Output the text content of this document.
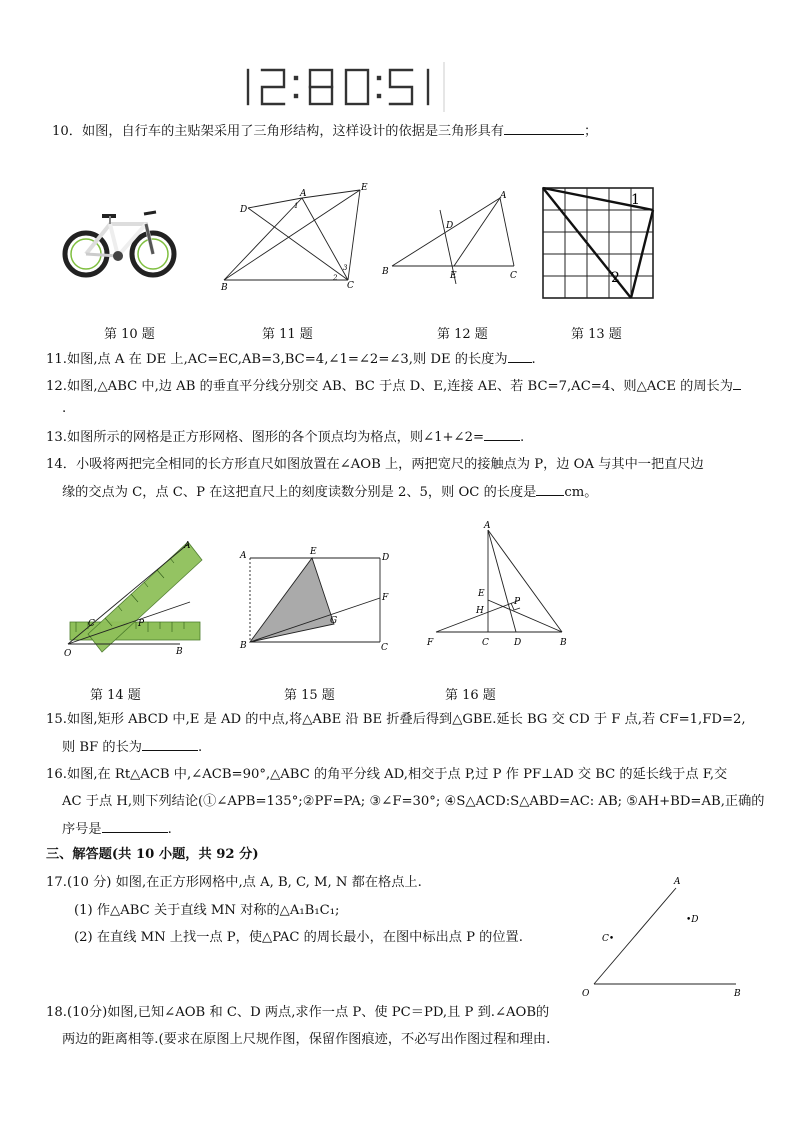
10．如图，自行车的主贴架采用了三角形结构，这样设计的依据是三角形具有	；
A
B	C
D
E
1
2
3
A
B	C
D
E
1
2
第 10 题	第 11 题	第 12 题	第 13 题
11.如图,点 A 在 DE 上,AC=EC,AB=3,BC=4,∠1=∠2=∠3,则 DE 的长度为 .
12.如图,△ABC 中,边 AB 的垂直平分线分别交 AB、BC 于点 D、E,连接 AE、若 BC=7,AC=4、则△ACE 的周长为
.
13.如图所示的网格是正方形网格、图形的各个顶点均为格点，则∠1+∠2=	.
14．小吸将两把完全相同的长方形直尺如图放置在∠AOB 上，两把宽尺的接触点为 P，边 OA 与其中一把直尺边
缘的交点为 C，点 C、P 在这把直尺上的刻度读数分别是 2、5，则 OC 的长度是 cm。
A
B
C
O
P
A
B	C
D
E
F
G
A
B
C	D
E
F
H
P
第 14 题	第 15 题	第 16 题
15.如图,矩形 ABCD 中,E 是 AD 的中点,将△ABE 沿 BE 折叠后得到△GBE.延长 BG 交 CD 于 F 点,若 CF=1,FD=2,
则 BF 的长为	.
16.如图,在 Rt△ACB 中,∠ACB=90°,△ABC 的角平分线 AD,相交于点 P,过 P 作 PF⊥AD 交 BC 的延长线于点 F,交
AC 于点 H,则下列结论(①∠APB=135°;②PF=PA; ③∠F=30°; ④S△ACD:S△ABD=AC: AB; ⑤AH+BD=AB,正确的
序号是	.
三、解答题(共 10 小题，共 92 分)
17.(10 分) 如图,在正方形网格中,点 A, B, C, M, N 都在格点上.
(1) 作△ABC 关于直线 MN 对称的△A₁B₁C₁;
(2) 在直线 MN 上找一点 P，使△PAC 的周长最小，在图中标出点 P 的位置.
A
B
C•
•D
O
18.(10分)如图,已知∠AOB 和 C、D 两点,求作一点 P、使 PC＝PD,且 P 到.∠AOB的
两边的距离相等.(要求在原图上尺规作图，保留作图痕迹，不必写出作图过程和理由.
